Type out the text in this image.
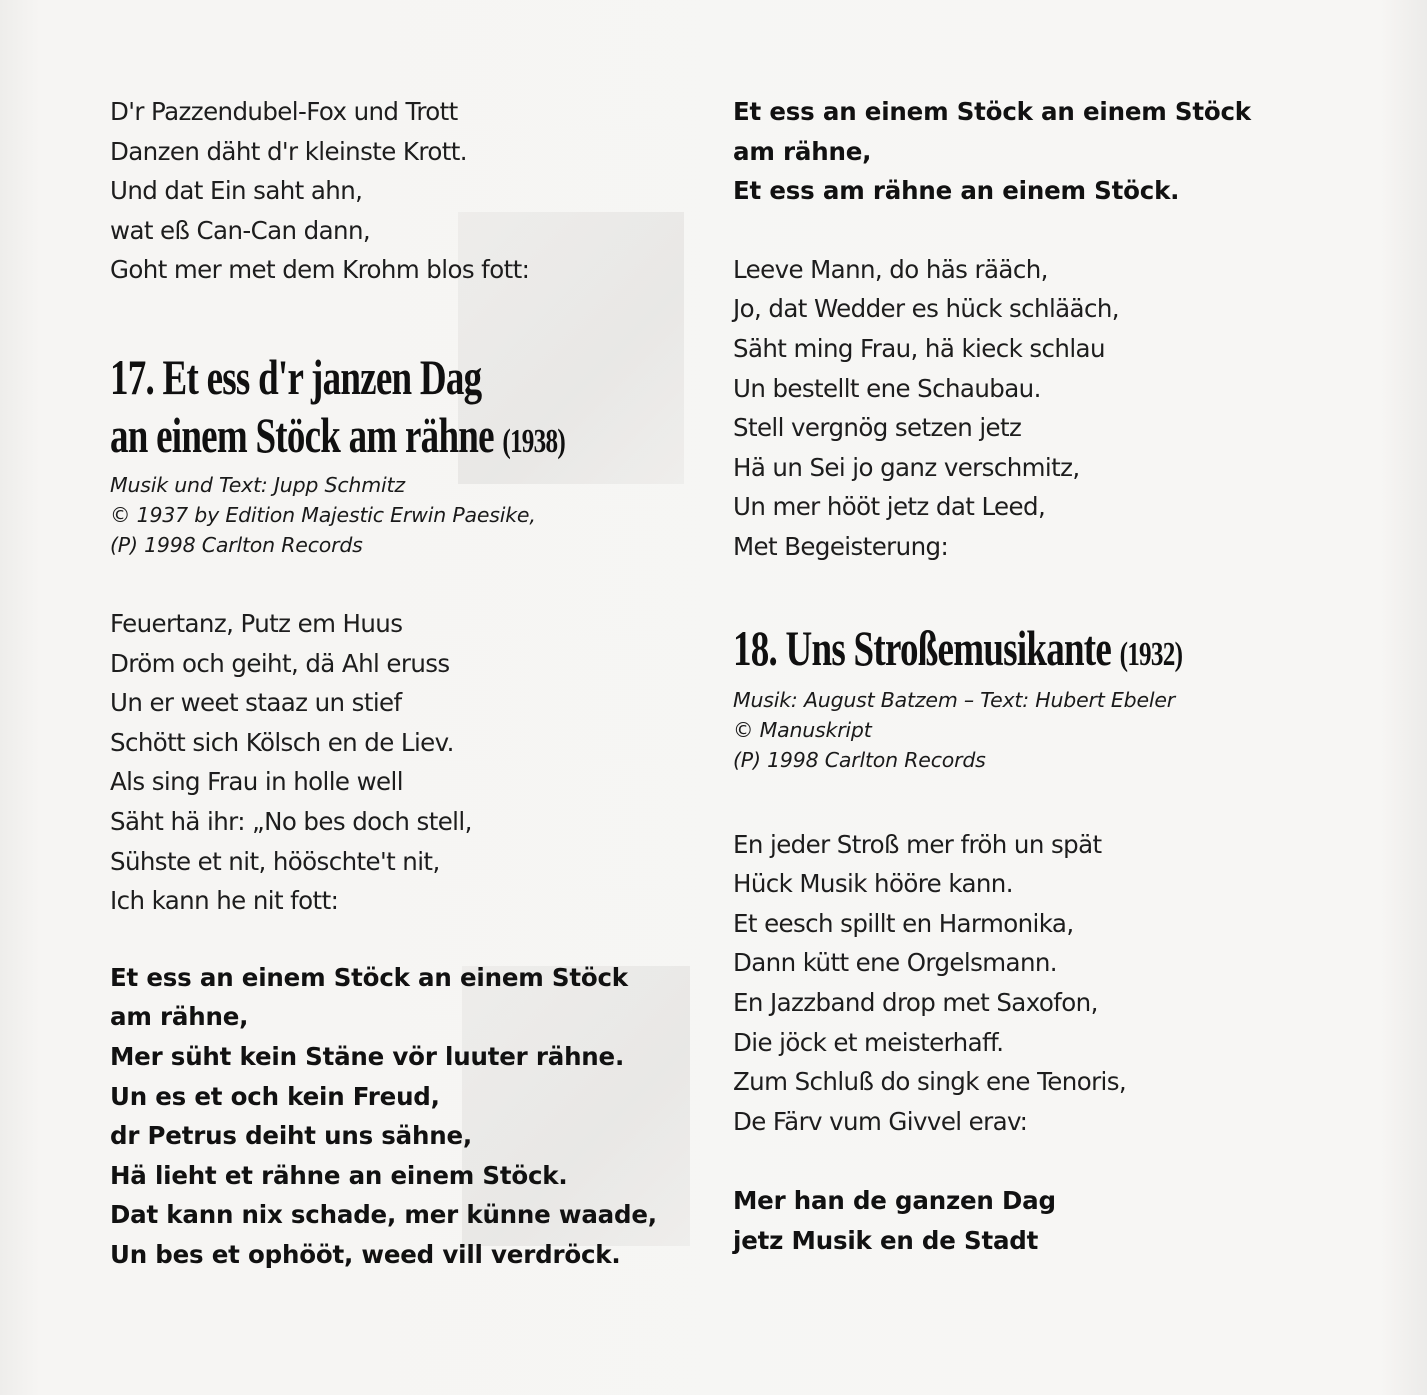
D'r Pazzendubel-Fox und Trott
Danzen däht d'r kleinste Krott.
Und dat Ein saht ahn,
wat eß Can-Can dann,
Goht mer met dem Krohm blos fott:
17. Et ess d'r janzen Dag
an einem Stöck am rähne (1938)
Musik und Text: Jupp Schmitz
© 1937 by Edition Majestic Erwin Paesike,
(P) 1998 Carlton Records
Feuertanz, Putz em Huus
Dröm och geiht, dä Ahl eruss
Un er weet staaz un stief
Schött sich Kölsch en de Liev.
Als sing Frau in holle well
Säht hä ihr: „No bes doch stell,
Sühste et nit, hööschte't nit,
Ich kann he nit fott:
Et ess an einem Stöck an einem Stöck
am rähne,
Mer süht kein Stäne vör luuter rähne.
Un es et och kein Freud,
dr Petrus deiht uns sähne,
Hä lieht et rähne an einem Stöck.
Dat kann nix schade, mer künne waade,
Un bes et ophööt, weed vill verdröck.
Et ess an einem Stöck an einem Stöck
am rähne,
Et ess am rähne an einem Stöck.
Leeve Mann, do häs rääch,
Jo, dat Wedder es hück schlääch,
Säht ming Frau, hä kieck schlau
Un bestellt ene Schaubau.
Stell vergnög setzen jetz
Hä un Sei jo ganz verschmitz,
Un mer hööt jetz dat Leed,
Met Begeisterung:
18. Uns Stroßemusikante (1932)
Musik: August Batzem – Text: Hubert Ebeler
© Manuskript
(P) 1998 Carlton Records
En jeder Stroß mer fröh un spät
Hück Musik hööre kann.
Et eesch spillt en Harmonika,
Dann kütt ene Orgelsmann.
En Jazzband drop met Saxofon,
Die jöck et meisterhaff.
Zum Schluß do singk ene Tenoris,
De Färv vum Givvel erav:
Mer han de ganzen Dag
jetz Musik en de Stadt
